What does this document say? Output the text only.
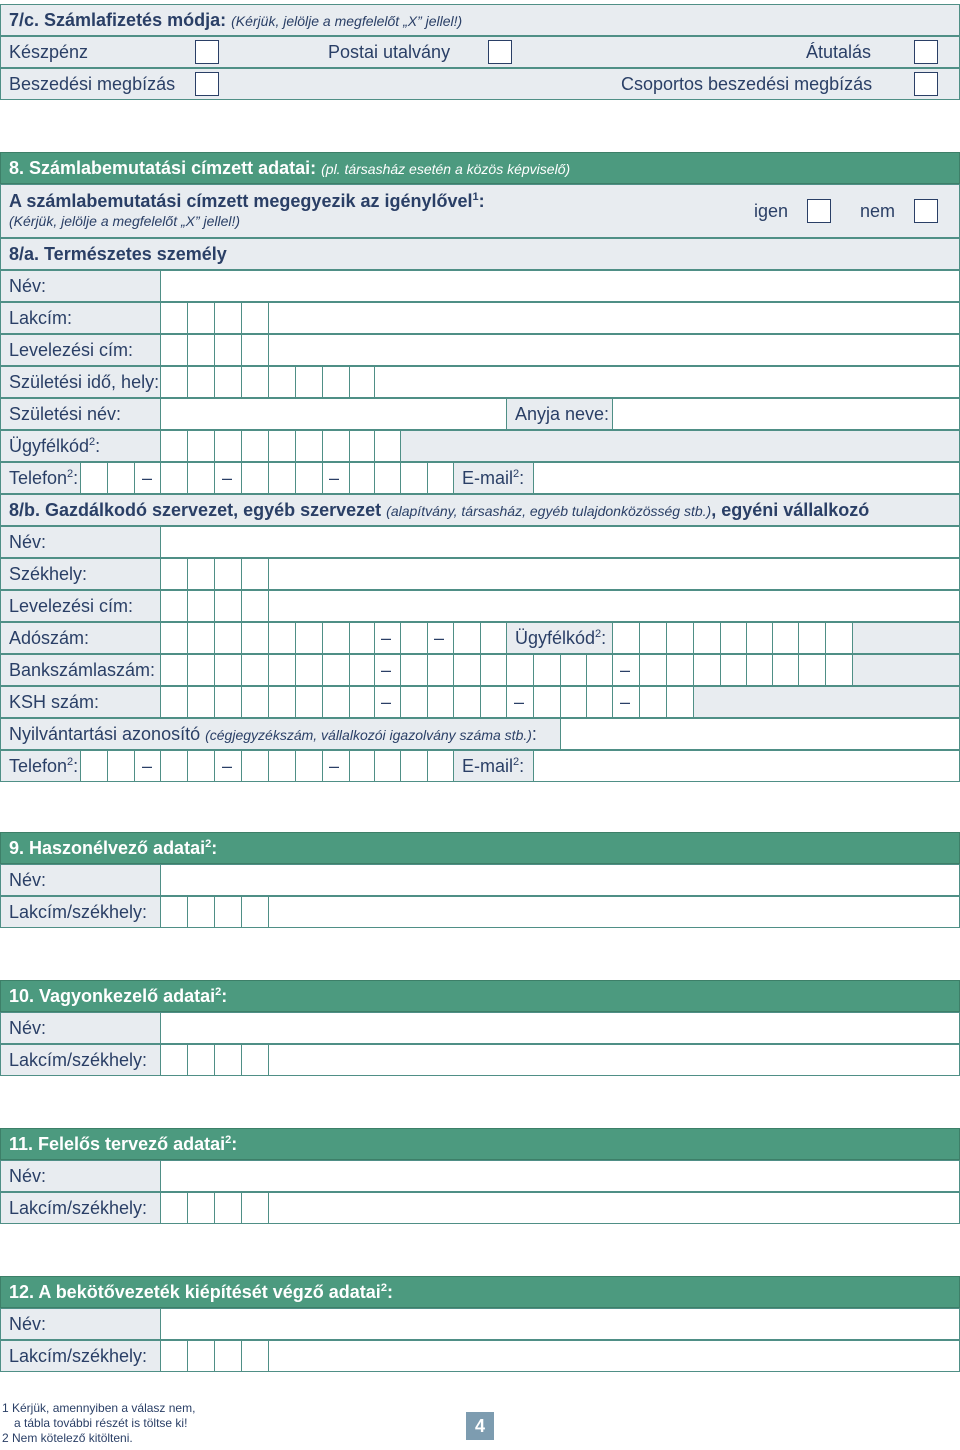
7/c. Számlafizetés módja: (Kérjük, jelölje a megfelelőt „X” jellel!)
Készpénz	Postai utalvány	Átutalás
Beszedési megbízás	Csoportos beszedési megbízás
8. Számlabemutatási címzett adatai: (pl. társasház esetén a közös képviselő)
A számlabemutatási címzett megegyezik az igénylővel$^1$:
(Kérjük, jelölje a megfelelőt „X” jellel!)	igen	nem
8/a. Természetes személy
Név:
Lakcím:
Levelezési cím:
Születési idő, hely:
Születési név:	Anyja neve:
Ügyfélkód$^2$:
Telefon$^2$:	–	–	–	E-mail$^2$:
8/b. Gazdálkodó szervezet, egyéb szervezet (alapítvány, társasház, egyéb tulajdonközösség stb.), egyéni vállalkozó
Név:
Székhely:
Levelezési cím:
Adószám:	– –	Ügyfélkód$^2$:
Bankszámlaszám:	–	–
KSH szám:	–	–	–
Nyilvántartási azonosító (cégjegyzékszám, vállalkozói igazolvány száma stb.):
Telefon$^2$:	–	–	–	E-mail$^2$:
9. Haszonélvező adatai$^2$:
Név:
Lakcím/székhely:
10. Vagyonkezelő adatai$^2$:
Név:
Lakcím/székhely:
11. Felelős tervező adatai$^2$:
Név:
Lakcím/székhely:
12. A bekötővezeték kiépítését végző adatai$^2$:
Név:
Lakcím/székhely:
1 Kérjük, amennyiben a válasz nem,
a tábla további részét is töltse ki!
2 Nem kötelező kitölteni.
4
